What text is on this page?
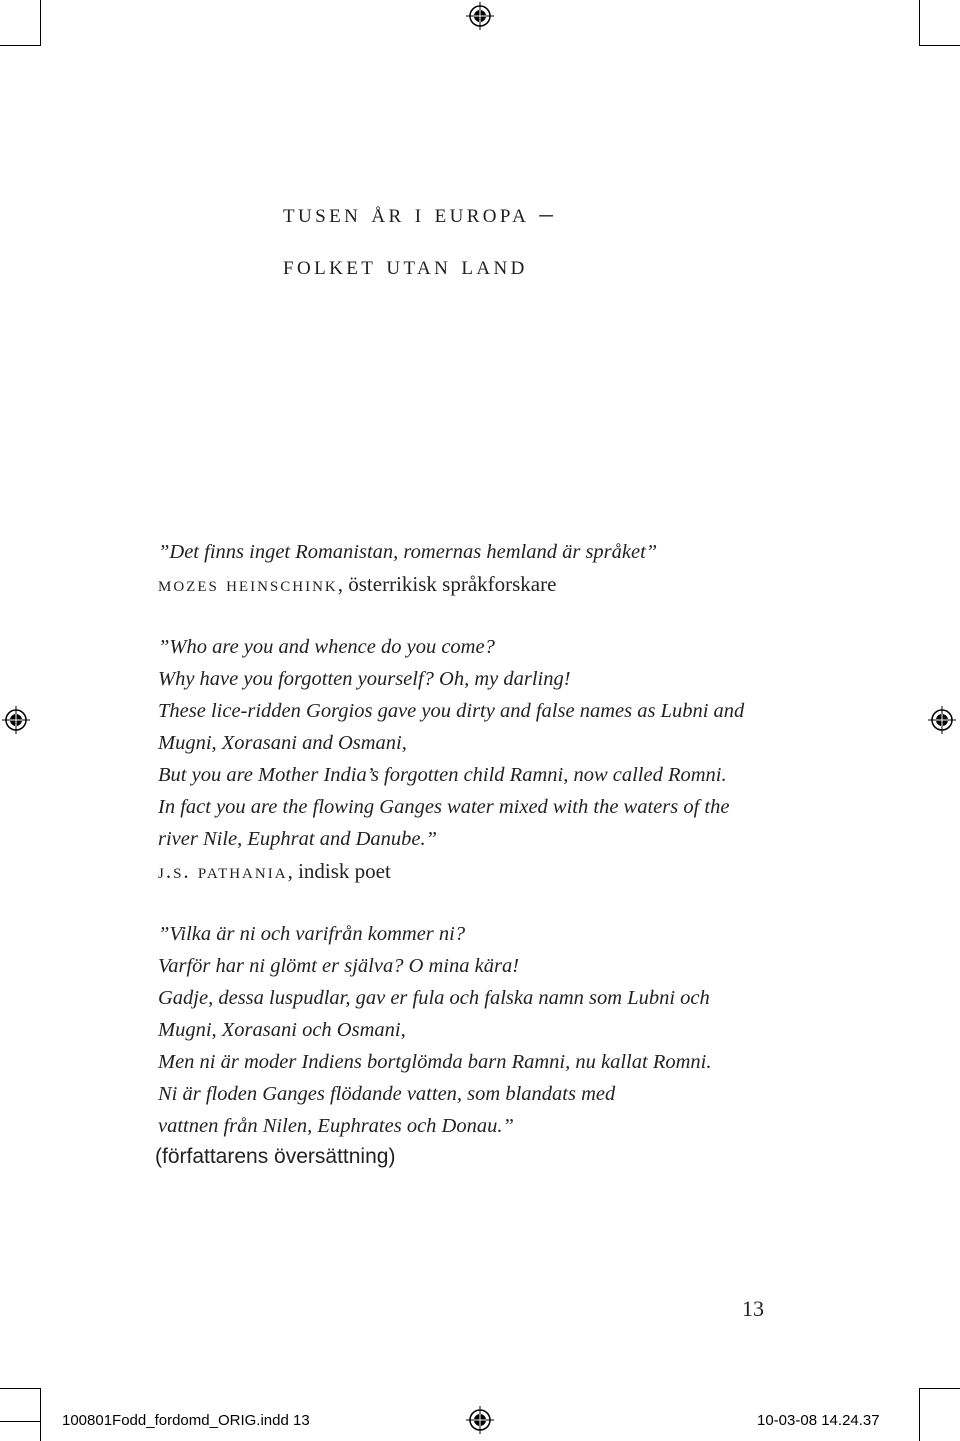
tusen år i europa –
folket utan land
”Det finns inget Romanistan, romernas hemland är språket”
mozes heinschink, österrikisk språkforskare
”Who are you and whence do you come?
Why have you forgotten yourself? Oh, my darling!
These lice-ridden Gorgios gave you dirty and false names as Lubni and
Mugni, Xorasani and Osmani,
But you are Mother India’s forgotten child Ramni, now called Romni.
In fact you are the flowing Ganges water mixed with the waters of the
river Nile, Euphrat and Danube.”
j.s. pathania, indisk poet
”Vilka är ni och varifrån kommer ni?
Varför har ni glömt er själva? O mina kära!
Gadje, dessa luspudlar, gav er fula och falska namn som Lubni och
Mugni, Xorasani och Osmani,
Men ni är moder Indiens bortglömda barn Ramni, nu kallat Romni.
Ni är floden Ganges flödande vatten, som blandats med
vattnen från Nilen, Euphrates och Donau.”
(författarens översättning)
13
100801Fodd_fordomd_ORIG.indd 13	10-03-08 14.24.37
